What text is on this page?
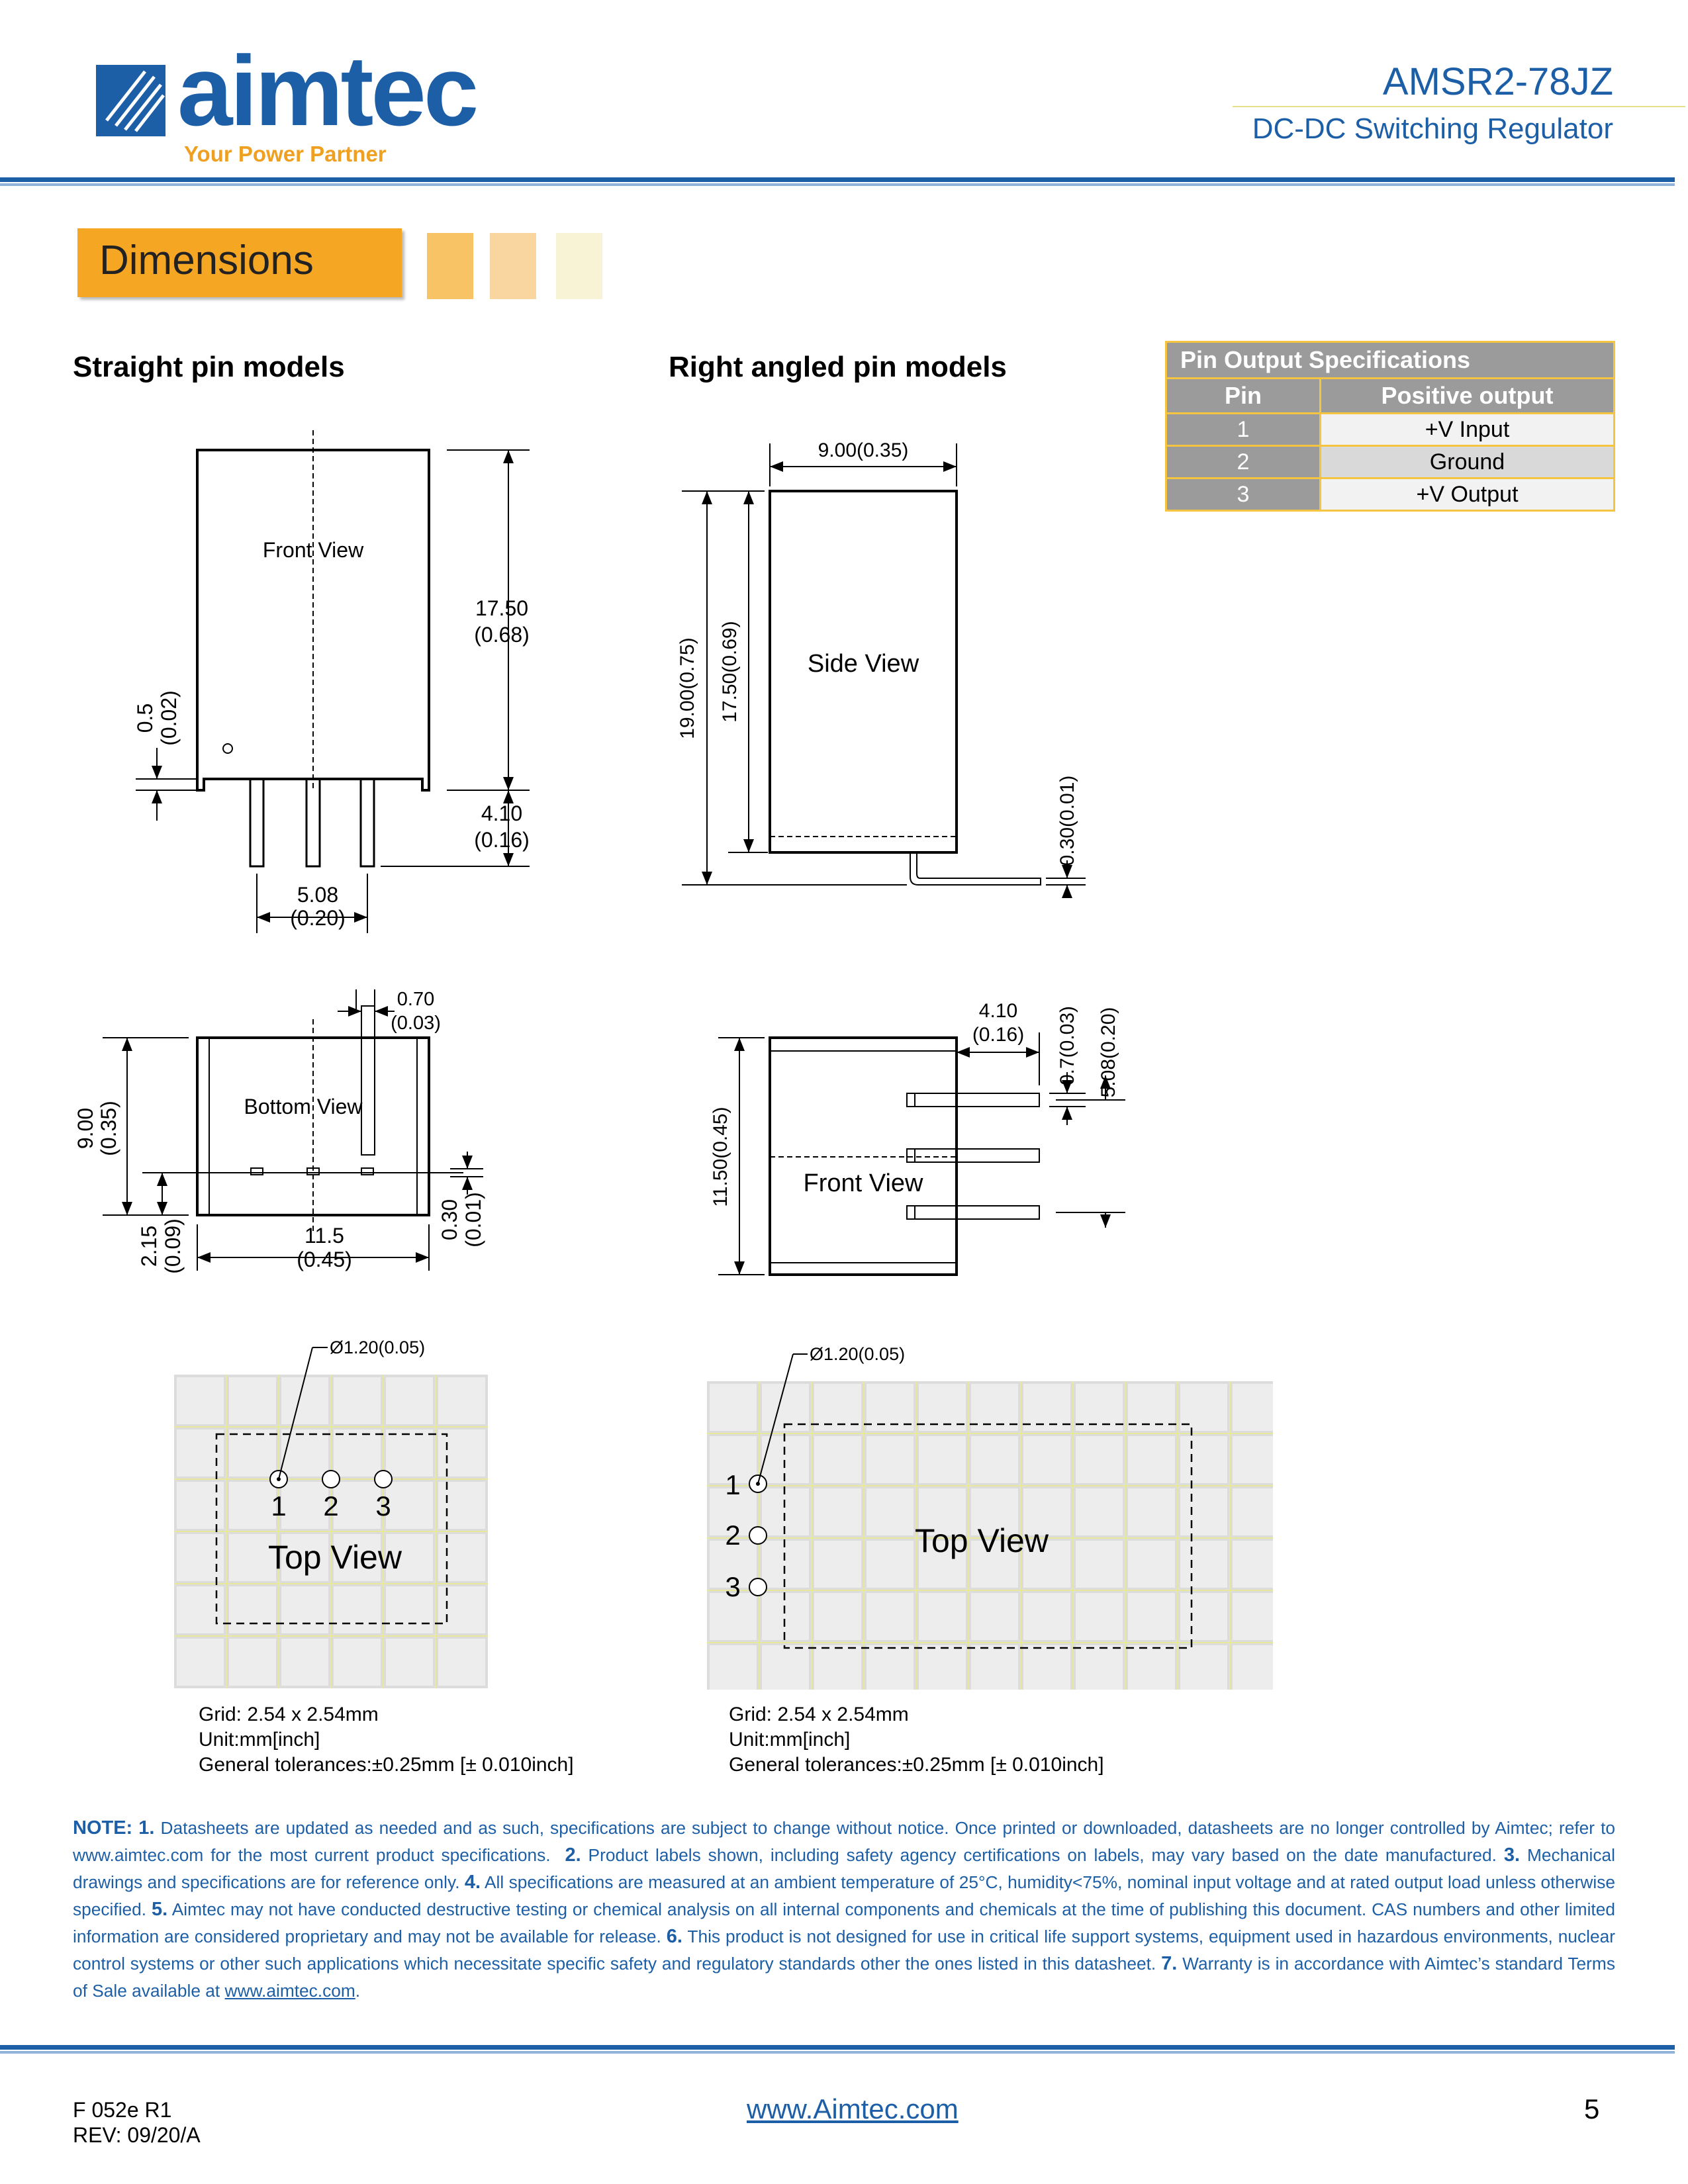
aimtec
Your Power Partner
AMSR2-78JZ
DC-DC Switching Regulator
Dimensions
Straight pin models	Right angled pin models	Pin Output Specifications	
Pin	Positive output
1	+V Input
2	Ground
3	+V Output
Front View
17.50
(0.68)
4.10
(0.16)
5.08
(0.20)
0.5 (0.02)
Bottom View
0.70
(0.03)
9.00 (0.35)
2.15 (0.09)	11.5
(0.45)
0.30 (0.01)
Ø1.20(0.05)
1 2 3
Top View
Side View
9.00(0.35)
19.00(0.75) 17.50(0.69)
0.30(0.01)
Front View
4.10
(0.16) 0.7(0.03) 5.08(0.20)
11.50(0.45)
Ø1.20(0.05)
1
2
3
Top View
Grid: 2.54 x 2.54mm
Unit:mm[inch]
General tolerances:±0.25mm [± 0.010inch]
Grid: 2.54 x 2.54mm
Unit:mm[inch]
General tolerances:±0.25mm [± 0.010inch]
NOTE: 1. Datasheets are updated as needed and as such, specifications are subject to change without notice. Once printed or downloaded, datasheets are no longer controlled by Aimtec; refer to www.aimtec.com for the most current product specifications. 2. Product labels shown, including safety agency certifications on labels, may vary based on the date manufactured. 3. Mechanical drawings and specifications are for reference only. 4. All specifications are measured at an ambient temperature of 25°C, humidity<75%, nominal input voltage and at rated output load unless otherwise specified. 5. Aimtec may not have conducted destructive testing or chemical analysis on all internal components and chemicals at the time of publishing this document. CAS numbers and other limited information are considered proprietary and may not be available for release. 6. This product is not designed for use in critical life support systems, equipment used in hazardous environments, nuclear control systems or other such applications which necessitate specific safety and regulatory standards other the ones listed in this datasheet. 7. Warranty is in accordance with Aimtec’s standard Terms of Sale available at www.aimtec.com.
F 052e R1
REV: 09/20/A
www.Aimtec.com	5
